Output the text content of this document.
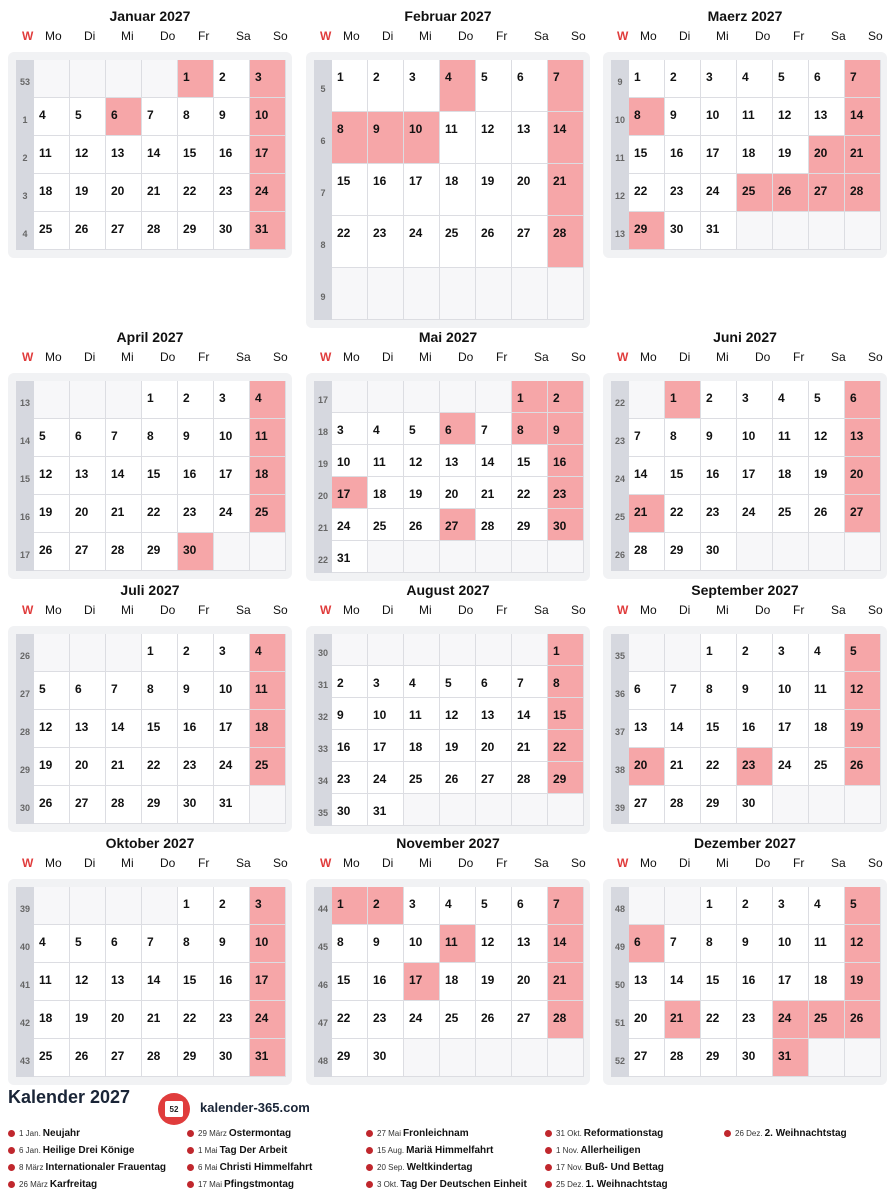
Januar 2027
W Mo Di Mi Do Fr Sa So
53
1
2
3
4
1 2 3
4 5 6 7 8 9 10
11 12 13 14 15 16 17
18 19 20 21 22 23 24
25 26 27 28 29 30 31
Februar 2027
W Mo Di Mi Do Fr Sa So
5
6
7
8
9
1 2 3 4 5 6 7
8 9 10 11 12 13 14
15 16 17 18 19 20 21
22 23 24 25 26 27 28
Maerz 2027
W Mo Di Mi Do Fr Sa So
9
10
11
12
13
1 2 3 4 5 6 7
8 9 10 11 12 13 14
15 16 17 18 19 20 21
22 23 24 25 26 27 28
29 30 31
April 2027
W Mo Di Mi Do Fr Sa So
13
14
15
16
17
1 2 3 4
5 6 7 8 9 10 11
12 13 14 15 16 17 18
19 20 21 22 23 24 25
26 27 28 29 30
Mai 2027
W Mo Di Mi Do Fr Sa So
17
18
19
20
21
22
1 2
3 4 5 6 7 8 9
10 11 12 13 14 15 16
17 18 19 20 21 22 23
24 25 26 27 28 29 30
31
Juni 2027
W Mo Di Mi Do Fr Sa So
22
23
24
25
26
1 2 3 4 5 6
7 8 9 10 11 12 13
14 15 16 17 18 19 20
21 22 23 24 25 26 27
28 29 30
Juli 2027
W Mo Di Mi Do Fr Sa So
26
27
28
29
30
1 2 3 4
5 6 7 8 9 10 11
12 13 14 15 16 17 18
19 20 21 22 23 24 25
26 27 28 29 30 31
August 2027
W Mo Di Mi Do Fr Sa So
30
31
32
33
34
35
1
2 3 4 5 6 7 8
9 10 11 12 13 14 15
16 17 18 19 20 21 22
23 24 25 26 27 28 29
30 31
September 2027
W Mo Di Mi Do Fr Sa So
35
36
37
38
39
1 2 3 4 5
6 7 8 9 10 11 12
13 14 15 16 17 18 19
20 21 22 23 24 25 26
27 28 29 30
Oktober 2027
W Mo Di Mi Do Fr Sa So
39
40
41
42
43
1 2 3
4 5 6 7 8 9 10
11 12 13 14 15 16 17
18 19 20 21 22 23 24
25 26 27 28 29 30 31
November 2027
W Mo Di Mi Do Fr Sa So
44
45
46
47
48
1 2 3 4 5 6 7
8 9 10 11 12 13 14
15 16 17 18 19 20 21
22 23 24 25 26 27 28
29 30
Dezember 2027
W Mo Di Mi Do Fr Sa So
48
49
50
51
52
1 2 3 4 5
6 7 8 9 10 11 12
13 14 15 16 17 18 19
20 21 22 23 24 25 26
27 28 29 30 31
Kalender 2027
52	kalender-365.com
1 Jan. Neujahr
6 Jan. Heilige Drei Könige
8 März Internationaler Frauentag
26 März Karfreitag
29 März Ostermontag
1 Mai Tag Der Arbeit
6 Mai Christi Himmelfahrt
17 Mai Pfingstmontag
27 Mai Fronleichnam
15 Aug. Mariä Himmelfahrt
20 Sep. Weltkindertag
3 Okt. Tag Der Deutschen Einheit
31 Okt. Reformationstag
1 Nov. Allerheiligen
17 Nov. Buß- Und Bettag
25 Dez. 1. Weihnachtstag
26 Dez. 2. Weihnachtstag
